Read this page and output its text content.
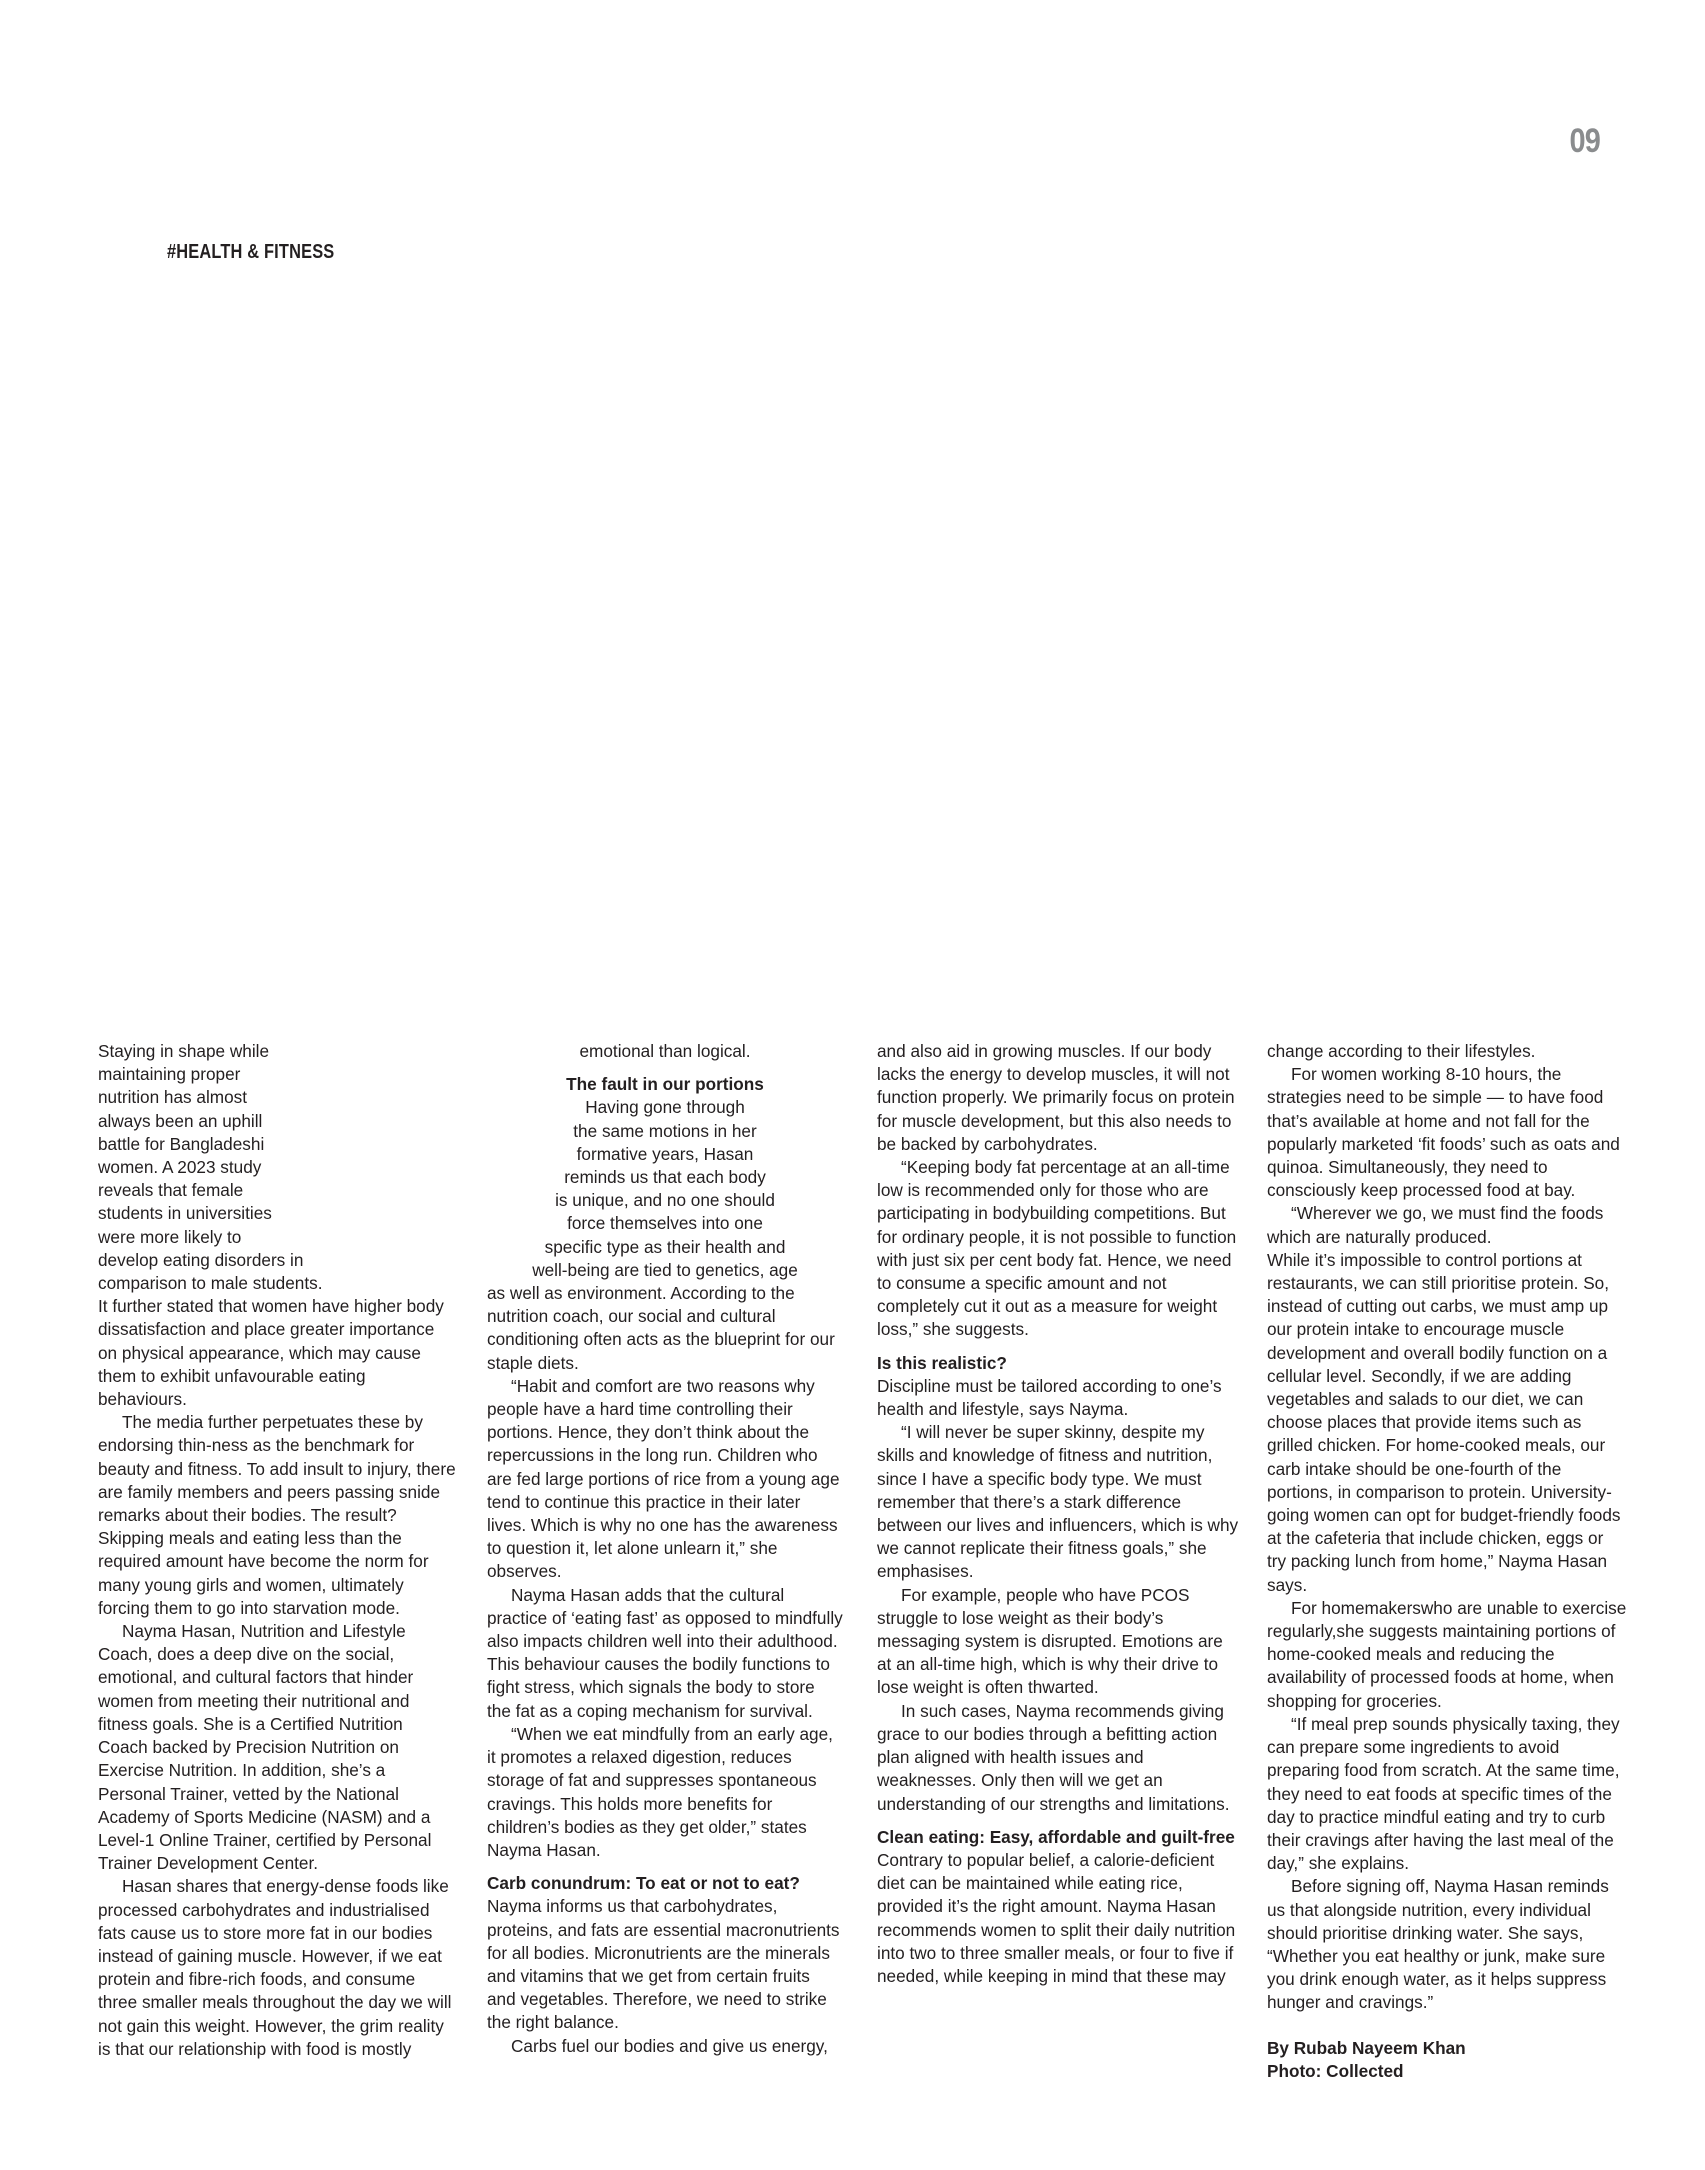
09
#HEALTH & FITNESS
Staying in shape while
maintaining proper
nutrition has almost
always been an uphill
battle for Bangladeshi
women. A 2023 study
reveals that female
students in universities
were more likely to
develop eating disorders in
comparison to male students.

It further stated that women have higher body dissatisfaction and place greater importance on physical appearance, which may cause them to exhibit unfavourable eating behaviours.

The media further perpetuates these by endorsing thin-ness as the benchmark for beauty and fitness. To add insult to injury, there are family members and peers passing snide remarks about their bodies. The result? Skipping meals and eating less than the required amount have become the norm for many young girls and women, ultimately forcing them to go into starvation mode.

Nayma Hasan, Nutrition and Lifestyle Coach, does a deep dive on the social, emotional, and cultural factors that hinder women from meeting their nutritional and fitness goals. She is a Certified Nutrition Coach backed by Precision Nutrition on Exercise Nutrition. In addition, she’s a Personal Trainer, vetted by the National Academy of Sports Medicine (NASM) and a Level-1 Online Trainer, certified by Personal Trainer Development Center.

Hasan shares that energy-dense foods like processed carbohydrates and industrialised fats cause us to store more fat in our bodies instead of gaining muscle. However, if we eat protein and fibre-rich foods, and consume three smaller meals throughout the day we will not gain this weight. However, the grim reality is that our relationship with food is mostly

emotional than logical.

The fault in our portions

Having gone through
the same motions in her
formative years, Hasan
reminds us that each body
is unique, and no one should
force themselves into one
specific type as their health and
well-being are tied to genetics, age

as well as environment. According to the nutrition coach, our social and cultural conditioning often acts as the blueprint for our staple diets.

“Habit and comfort are two reasons why people have a hard time controlling their portions. Hence, they don’t think about the repercussions in the long run. Children who are fed large portions of rice from a young age tend to continue this practice in their later lives. Which is why no one has the awareness to question it, let alone unlearn it,” she observes.

Nayma Hasan adds that the cultural practice of ‘eating fast’ as opposed to mindfully also impacts children well into their adulthood. This behaviour causes the bodily functions to fight stress, which signals the body to store the fat as a coping mechanism for survival.

“When we eat mindfully from an early age, it promotes a relaxed digestion, reduces storage of fat and suppresses spontaneous cravings. This holds more benefits for children’s bodies as they get older,” states Nayma Hasan.

Carb conundrum: To eat or not to eat?

Nayma informs us that carbohydrates, proteins, and fats are essential macronutrients for all bodies. Micronutrients are the minerals and vitamins that we get from certain fruits and vegetables. Therefore, we need to strike the right balance.

Carbs fuel our bodies and give us energy,

and also aid in growing muscles. If our body lacks the energy to develop muscles, it will not function properly. We primarily focus on protein for muscle development, but this also needs to be backed by carbohydrates.

“Keeping body fat percentage at an all-time low is recommended only for those who are participating in bodybuilding competitions. But for ordinary people, it is not possible to function with just six per cent body fat. Hence, we need to consume a specific amount and not completely cut it out as a measure for weight loss,” she suggests.

Is this realistic?

Discipline must be tailored according to one’s health and lifestyle, says Nayma.

“I will never be super skinny, despite my skills and knowledge of fitness and nutrition, since I have a specific body type. We must remember that there’s a stark difference between our lives and influencers, which is why we cannot replicate their fitness goals,” she emphasises.

For example, people who have PCOS struggle to lose weight as their body’s messaging system is disrupted. Emotions are at an all-time high, which is why their drive to lose weight is often thwarted.

In such cases, Nayma recommends giving grace to our bodies through a befitting action plan aligned with health issues and weaknesses. Only then will we get an understanding of our strengths and limitations.

Clean eating: Easy, affordable and guilt-free

Contrary to popular belief, a calorie-deficient diet can be maintained while eating rice, provided it’s the right amount. Nayma Hasan recommends women to split their daily nutrition into two to three smaller meals, or four to five if needed, while keeping in mind that these may

change according to their lifestyles.

For women working 8-10 hours, the strategies need to be simple — to have food that’s available at home and not fall for the popularly marketed ‘fit foods’ such as oats and quinoa. Simultaneously, they need to consciously keep processed food at bay.

“Wherever we go, we must find the foods which are naturally produced.

While it’s impossible to control portions at restaurants, we can still prioritise protein. So, instead of cutting out carbs, we must amp up our protein intake to encourage muscle development and overall bodily function on a cellular level. Secondly, if we are adding vegetables and salads to our diet, we can choose places that provide items such as grilled chicken. For home-cooked meals, our carb intake should be one-fourth of the portions, in comparison to protein. University-going women can opt for budget-friendly foods at the cafeteria that include chicken, eggs or try packing lunch from home,” Nayma Hasan says.

For homemakerswho are unable to exercise regularly,she suggests maintaining portions of home-cooked meals and reducing the availability of processed foods at home, when shopping for groceries.

“If meal prep sounds physically taxing, they can prepare some ingredients to avoid preparing food from scratch. At the same time, they need to eat foods at specific times of the day to practice mindful eating and try to curb their cravings after having the last meal of the day,” she explains.

Before signing off, Nayma Hasan reminds us that alongside nutrition, every individual should prioritise drinking water. She says, “Whether you eat healthy or junk, make sure you drink enough water, as it helps suppress hunger and cravings.”

By Rubab Nayeem Khan

Photo: Collected
